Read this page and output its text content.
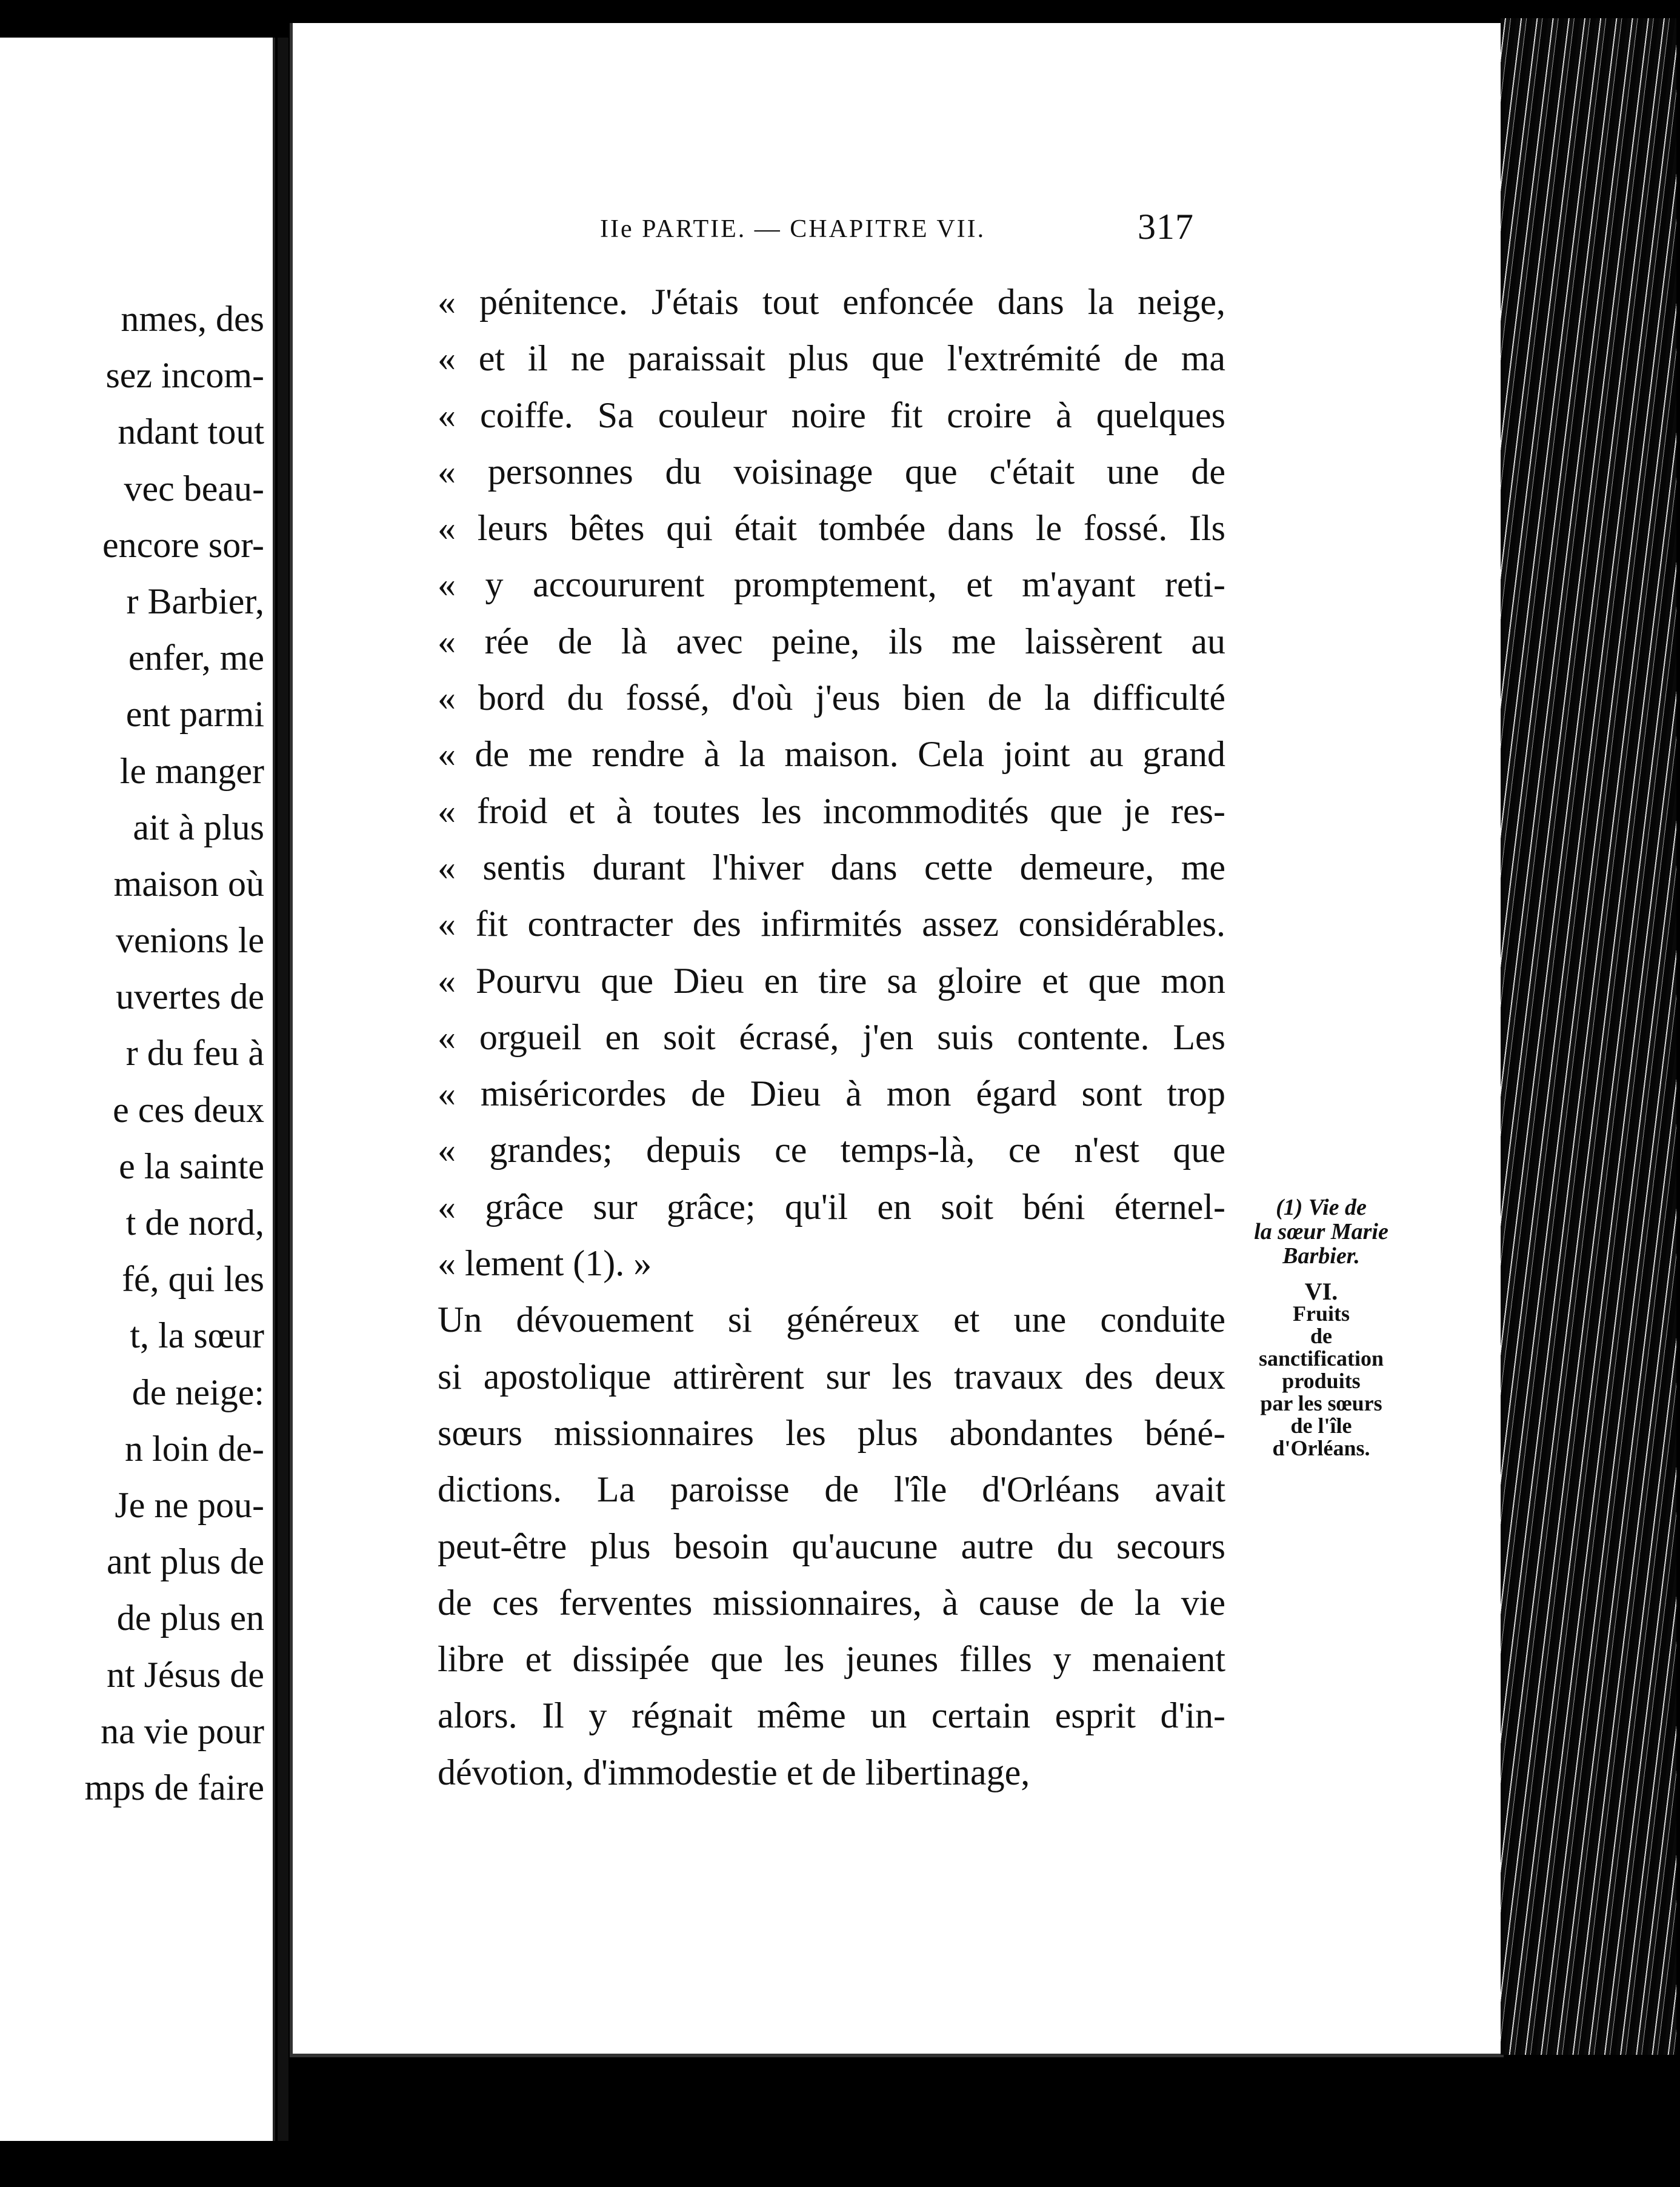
nmes, des
sez incom-
ndant tout
vec beau-
encore sor-
r Barbier,
enfer, me
ent parmi
le manger
ait à plus
maison où
venions le
uvertes de
r du feu à
e ces deux
e la sainte
t de nord,
fé, qui les
t, la sœur
de neige:
n loin de-
Je ne pou-
ant plus de
de plus en
nt Jésus de
na vie pour
mps de faire
IIe PARTIE. — CHAPITRE VII.	317
« pénitence. J'étais tout enfoncée dans la neige,
« et il ne paraissait plus que l'extrémité de ma
« coiffe. Sa couleur noire fit croire à quelques
« personnes du voisinage que c'était une de
« leurs bêtes qui était tombée dans le fossé. Ils
« y accoururent promptement, et m'ayant reti-
« rée de là avec peine, ils me laissèrent au
« bord du fossé, d'où j'eus bien de la difficulté
« de me rendre à la maison. Cela joint au grand
« froid et à toutes les incommodités que je res-
« sentis durant l'hiver dans cette demeure, me
« fit contracter des infirmités assez considérables.
« Pourvu que Dieu en tire sa gloire et que mon
« orgueil en soit écrasé, j'en suis contente. Les
« miséricordes de Dieu à mon égard sont trop
« grandes; depuis ce temps-là, ce n'est que
« grâce sur grâce; qu'il en soit béni éternel-
« lement (1). »
Un dévouement si généreux et une conduite
si apostolique attirèrent sur les travaux des deux
sœurs missionnaires les plus abondantes béné-
dictions. La paroisse de l'île d'Orléans avait
peut-être plus besoin qu'aucune autre du secours
de ces ferventes missionnaires, à cause de la vie
libre et dissipée que les jeunes filles y menaient
alors. Il y régnait même un certain esprit d'in-
dévotion, d'immodestie et de libertinage,
(1) Vie de
la sœur Marie
Barbier.
VI.
Fruits
de
sanctification
produits
par les sœurs
de l'île
d'Orléans.
